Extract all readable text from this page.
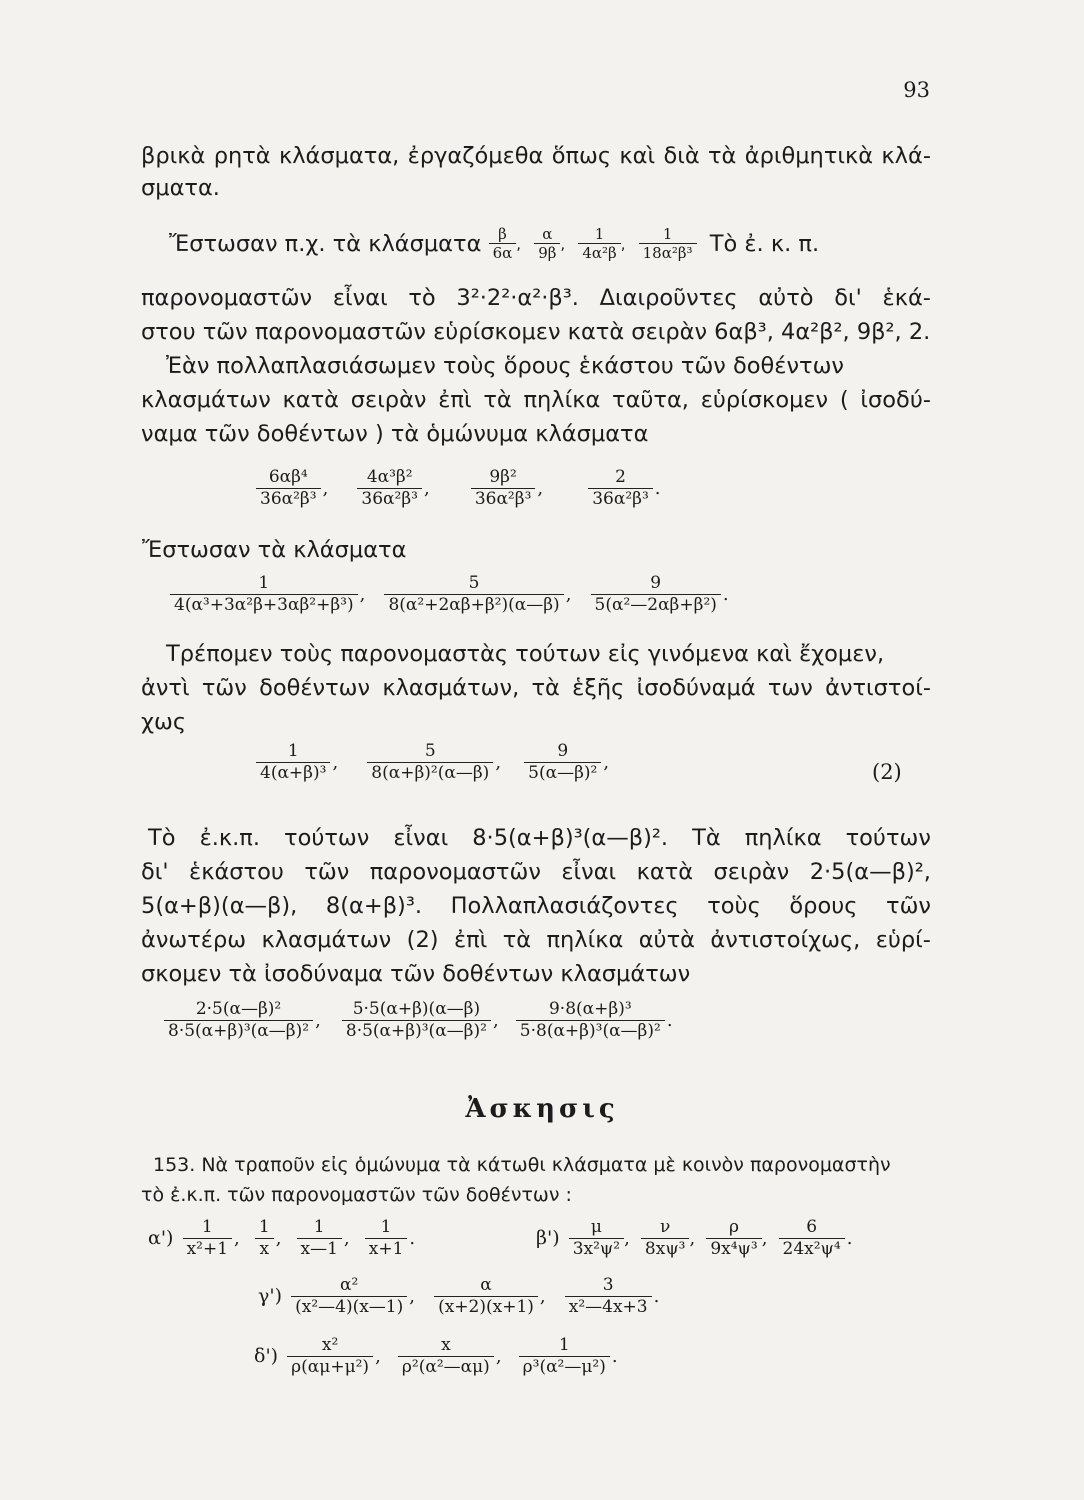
93
βρικὰ ρητὰ κλάσματα, ἐργαζόμεθα ὅπως καὶ διὰ τὰ ἀριθμητικὰ κλά-
σματα.
Ἔστωσαν π.χ. τὰ κλάσματα $\frac{\beta}{6\alpha}$ , $\frac{\alpha}{9\beta}$ , $\frac{1}{\text{4α²β}}$ , $\frac{1}{\text{18α²β³}}$ Τὸ ἐ. κ. π.
παρονομαστῶν εἶναι τὸ 3²·2²·α²·β³. Διαιροῦντες αὐτὸ δι' ἑκά-
στου τῶν παρονομαστῶν εὑρίσκομεν κατὰ σειρὰν 6αβ³, 4α²β², 9β², 2.
Ἐὰν πολλαπλασιάσωμεν τοὺς ὅρους ἑκάστου τῶν δοθέντων
κλασμάτων κατὰ σειρὰν ἐπὶ τὰ πηλίκα ταῦτα, εὑρίσκομεν ( ἰσοδύ-
ναμα τῶν δοθέντων ) τὰ ὁμώνυμα κλάσματα
$\frac{\text{6αβ⁴}}{\text{36α²β³}}$ , $\frac{\text{4α³β²}}{\text{36α²β³}}$ , $\frac{\text{9β²}}{\text{36α²β³}}$ ,	$\frac{2}{\text{36α²β³}}$ .
Ἔστωσαν τὰ κλάσματα
$\frac{1}{\text{4(α³+3α²β+3αβ²+β³)}}$ , $\frac{5}{\text{8(α²+2αβ+β²)(α—β)}}$ , $\frac{9}{\text{5(α²—2αβ+β²)}}$ .
Τρέπομεν τοὺς παρονομαστὰς τούτων εἰς γινόμενα καὶ ἔχομεν,
ἀντὶ τῶν δοθέντων κλασμάτων, τὰ ἑξῆς ἰσοδύναμά των ἀντιστοί-
χως
$\frac{1}{\text{4(α+β)³}}$ , $\frac{5}{\text{8(α+β)²(α—β)}}$ , $\frac{9}{\text{5(α—β)²}}$ ,	(2)
Τὸ ἐ.κ.π. τούτων εἶναι 8·5(α+β)³(α—β)². Τὰ πηλίκα τούτων
δι' ἑκάστου τῶν παρονομαστῶν εἶναι κατὰ σειρὰν 2·5(α—β)²,
5(α+β)(α—β), 8(α+β)³. Πολλαπλασιάζοντες τοὺς ὅρους τῶν
ἀνωτέρω κλασμάτων (2) ἐπὶ τὰ πηλίκα αὐτὰ ἀντιστοίχως, εὑρί-
σκομεν τὰ ἰσοδύναμα τῶν δοθέντων κλασμάτων
$\frac{\text{2·5(α—β)²}}{\text{8·5(α+β)³(α—β)²}}$ , $\frac{5\cdot 5(\alpha+\beta)(\alpha—\beta)}{\text{8·5(α+β)³(α—β)²}}$ , $\frac{\text{9·8(α+β)³}}{\text{5·8(α+β)³(α—β)²}}$ .
Ἀσκησις
153. Νὰ τραποῦν εἰς ὁμώνυμα τὰ κάτωθι κλάσματα μὲ κοινὸν παρονομαστὴν
τὸ ἐ.κ.π. τῶν παρονομαστῶν τῶν δοθέντων :
$\alpha') \frac{1}{\text{x²+1}}$ , $\frac{1}{x}$ , $\frac{1}{x—1}$ , $\frac{1}{x+1}$ .	$\beta') \frac{\mu}{\text{3x²ψ²}}$ , $\frac{\nu}{\text{8xψ³}}$ , $\frac{\rho}{\text{9x⁴ψ³}}$ , $\frac{6}{\text{24x²ψ⁴}}$ .
$\gamma') \frac{\text{α²}}{\text{(x²—4)(x—1)}}$ , $\frac{\alpha}{(x+2)(x+1)}$ , $\frac{3}{\text{x²—4x+3}}$ .
$\delta') \frac{\text{x²}}{\text{ρ(αμ+μ²)}}$ , $\frac{x}{\text{ρ²(α²—αμ)}}$ , $\frac{1}{\text{ρ³(α²—μ²)}}$ .
